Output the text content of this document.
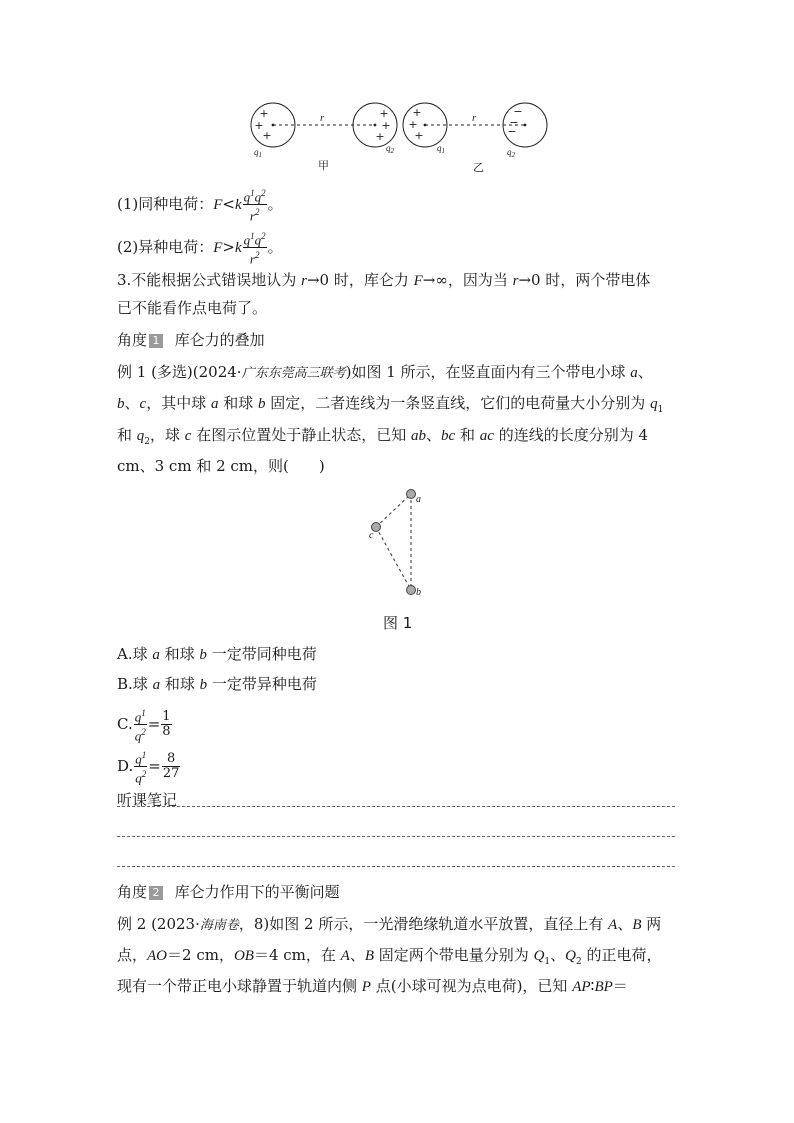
+
+
+
+
+
+
+
+
+
−
−
−
r	r
$q_1$
$q_2$	$q_1$	$q_2$
甲	乙
(1)同种电荷：$F<k \frac{q^1q^2}{r^2}$ 。
(2)异种电荷：$F>k \frac{q^1q^2}{r^2}$ 。
3.不能根据公式错误地认为 r→0 时，库仑力 F→∞，因为当 r→0 时，两个带电体
已不能看作点电荷了。
角度 1 库仑力的叠加
例 1 (多选)(2024·广东东莞高三联考)如图 1 所示，在竖直面内有三个带电小球 a、
b、c，其中球 a 和球 b 固定，二者连线为一条竖直线，它们的电荷量大小分别为 $q_1$
和 $q_2$，球 c 在图示位置处于静止状态，已知 ab、bc 和 ac 的连线的长度分别为 4
cm、3 cm 和 2 cm，则(　　)
a
c
b
图 1
A.球 a 和球 b 一定带同种电荷
B.球 a 和球 b 一定带异种电荷
C. $\frac{q^1}{q^2} = \frac{1}{8}$
D. $\frac{q^1}{q^2} = \frac{8}{27}$
听课笔记
角度 2 库仑力作用下的平衡问题
例 2 (2023·海南卷，8)如图 2 所示，一光滑绝缘轨道水平放置，直径上有 A、B 两
点，AO＝2 cm，OB＝4 cm，在 A、B 固定两个带电量分别为 $Q_1$、$Q_2$ 的正电荷，
现有一个带正电小球静置于轨道内侧 P 点(小球可视为点电荷)，已知 AP∶BP＝
